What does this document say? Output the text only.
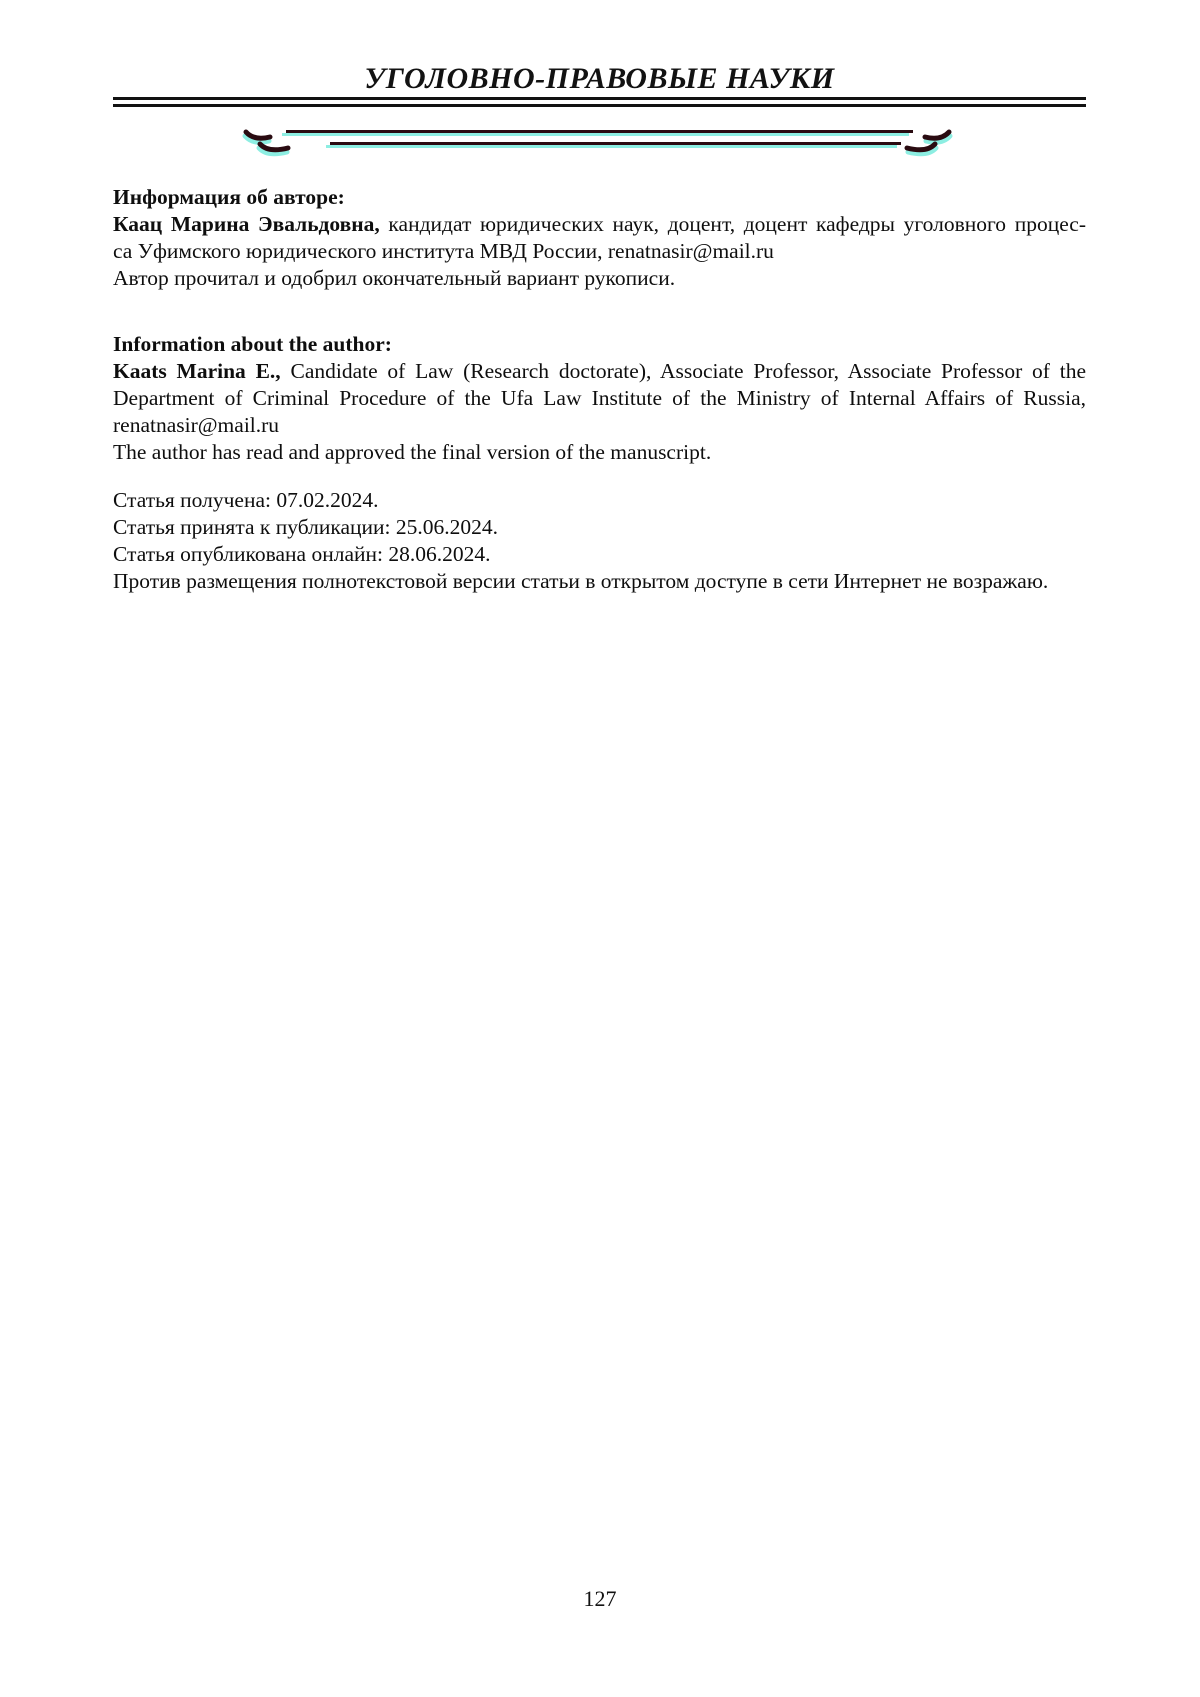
УГОЛОВНО-ПРАВОВЫЕ НАУКИ
Информация об авторе:
Каац Марина Эвальдовна, кандидат юридических наук, доцент, доцент кафедры уголовного процес-
са Уфимского юридического института МВД России, renatnasir@mail.ru
Автор прочитал и одобрил окончательный вариант рукописи.
Information about the author:
Kaats Marina E., Candidate of Law (Research doctorate), Associate Professor, Associate Professor of the
Department of Criminal Procedure of the Ufa Law Institute of the Ministry of Internal Affairs of Russia,
renatnasir@mail.ru
The author has read and approved the final version of the manuscript.
Статья получена: 07.02.2024.
Статья принята к публикации: 25.06.2024.
Статья опубликована онлайн: 28.06.2024.
Против размещения полнотекстовой версии статьи в открытом доступе в сети Интернет не возражаю.
127
